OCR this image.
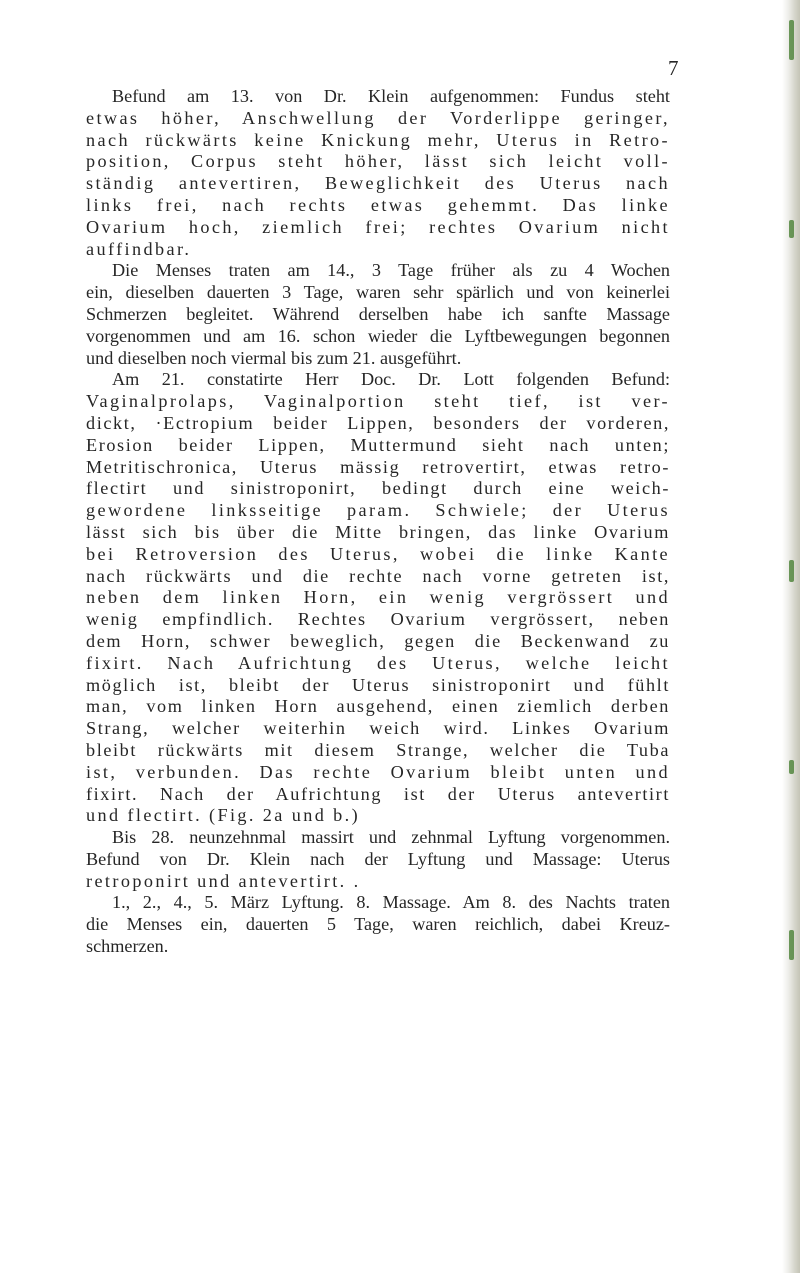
7
Befund am 13. von Dr. Klein aufgenommen: Fundus steht
etwas höher, Anschwellung der Vorderlippe geringer,
nach rückwärts keine Knickung mehr, Uterus in Retro-
position, Corpus steht höher, lässt sich leicht voll-
ständig antevertiren, Beweglichkeit des Uterus nach
links frei, nach rechts etwas gehemmt. Das linke
Ovarium hoch, ziemlich frei; rechtes Ovarium nicht
auffindbar.
Die Menses traten am 14., 3 Tage früher als zu 4 Wochen
ein, dieselben dauerten 3 Tage, waren sehr spärlich und von keinerlei
Schmerzen begleitet. Während derselben habe ich sanfte Massage
vorgenommen und am 16. schon wieder die Lyftbewegungen begonnen
und dieselben noch viermal bis zum 21. ausgeführt.
Am 21. constatirte Herr Doc. Dr. Lott folgenden Befund:
Vaginalprolaps, Vaginalportion steht tief, ist ver-
dickt, ·Ectropium beider Lippen, besonders der vorderen,
Erosion beider Lippen, Muttermund sieht nach unten;
Metritischronica, Uterus mässig retrovertirt, etwas retro-
flectirt und sinistroponirt, bedingt durch eine weich-
gewordene linksseitige param. Schwiele; der Uterus
lässt sich bis über die Mitte bringen, das linke Ovarium
bei Retroversion des Uterus, wobei die linke Kante
nach rückwärts und die rechte nach vorne getreten ist,
neben dem linken Horn, ein wenig vergrössert und
wenig empfindlich. Rechtes Ovarium vergrössert, neben
dem Horn, schwer beweglich, gegen die Beckenwand zu
fixirt. Nach Aufrichtung des Uterus, welche leicht
möglich ist, bleibt der Uterus sinistroponirt und fühlt
man, vom linken Horn ausgehend, einen ziemlich derben
Strang, welcher weiterhin weich wird. Linkes Ovarium
bleibt rückwärts mit diesem Strange, welcher die Tuba
ist, verbunden. Das rechte Ovarium bleibt unten und
fixirt. Nach der Aufrichtung ist der Uterus antevertirt
und flectirt. (Fig. 2a und b.)
Bis 28. neunzehnmal massirt und zehnmal Lyftung vorgenommen.
Befund von Dr. Klein nach der Lyftung und Massage: Uterus
retroponirt und antevertirt. .
1., 2., 4., 5. März Lyftung. 8. Massage. Am 8. des Nachts traten
die Menses ein, dauerten 5 Tage, waren reichlich, dabei Kreuz-
schmerzen.
